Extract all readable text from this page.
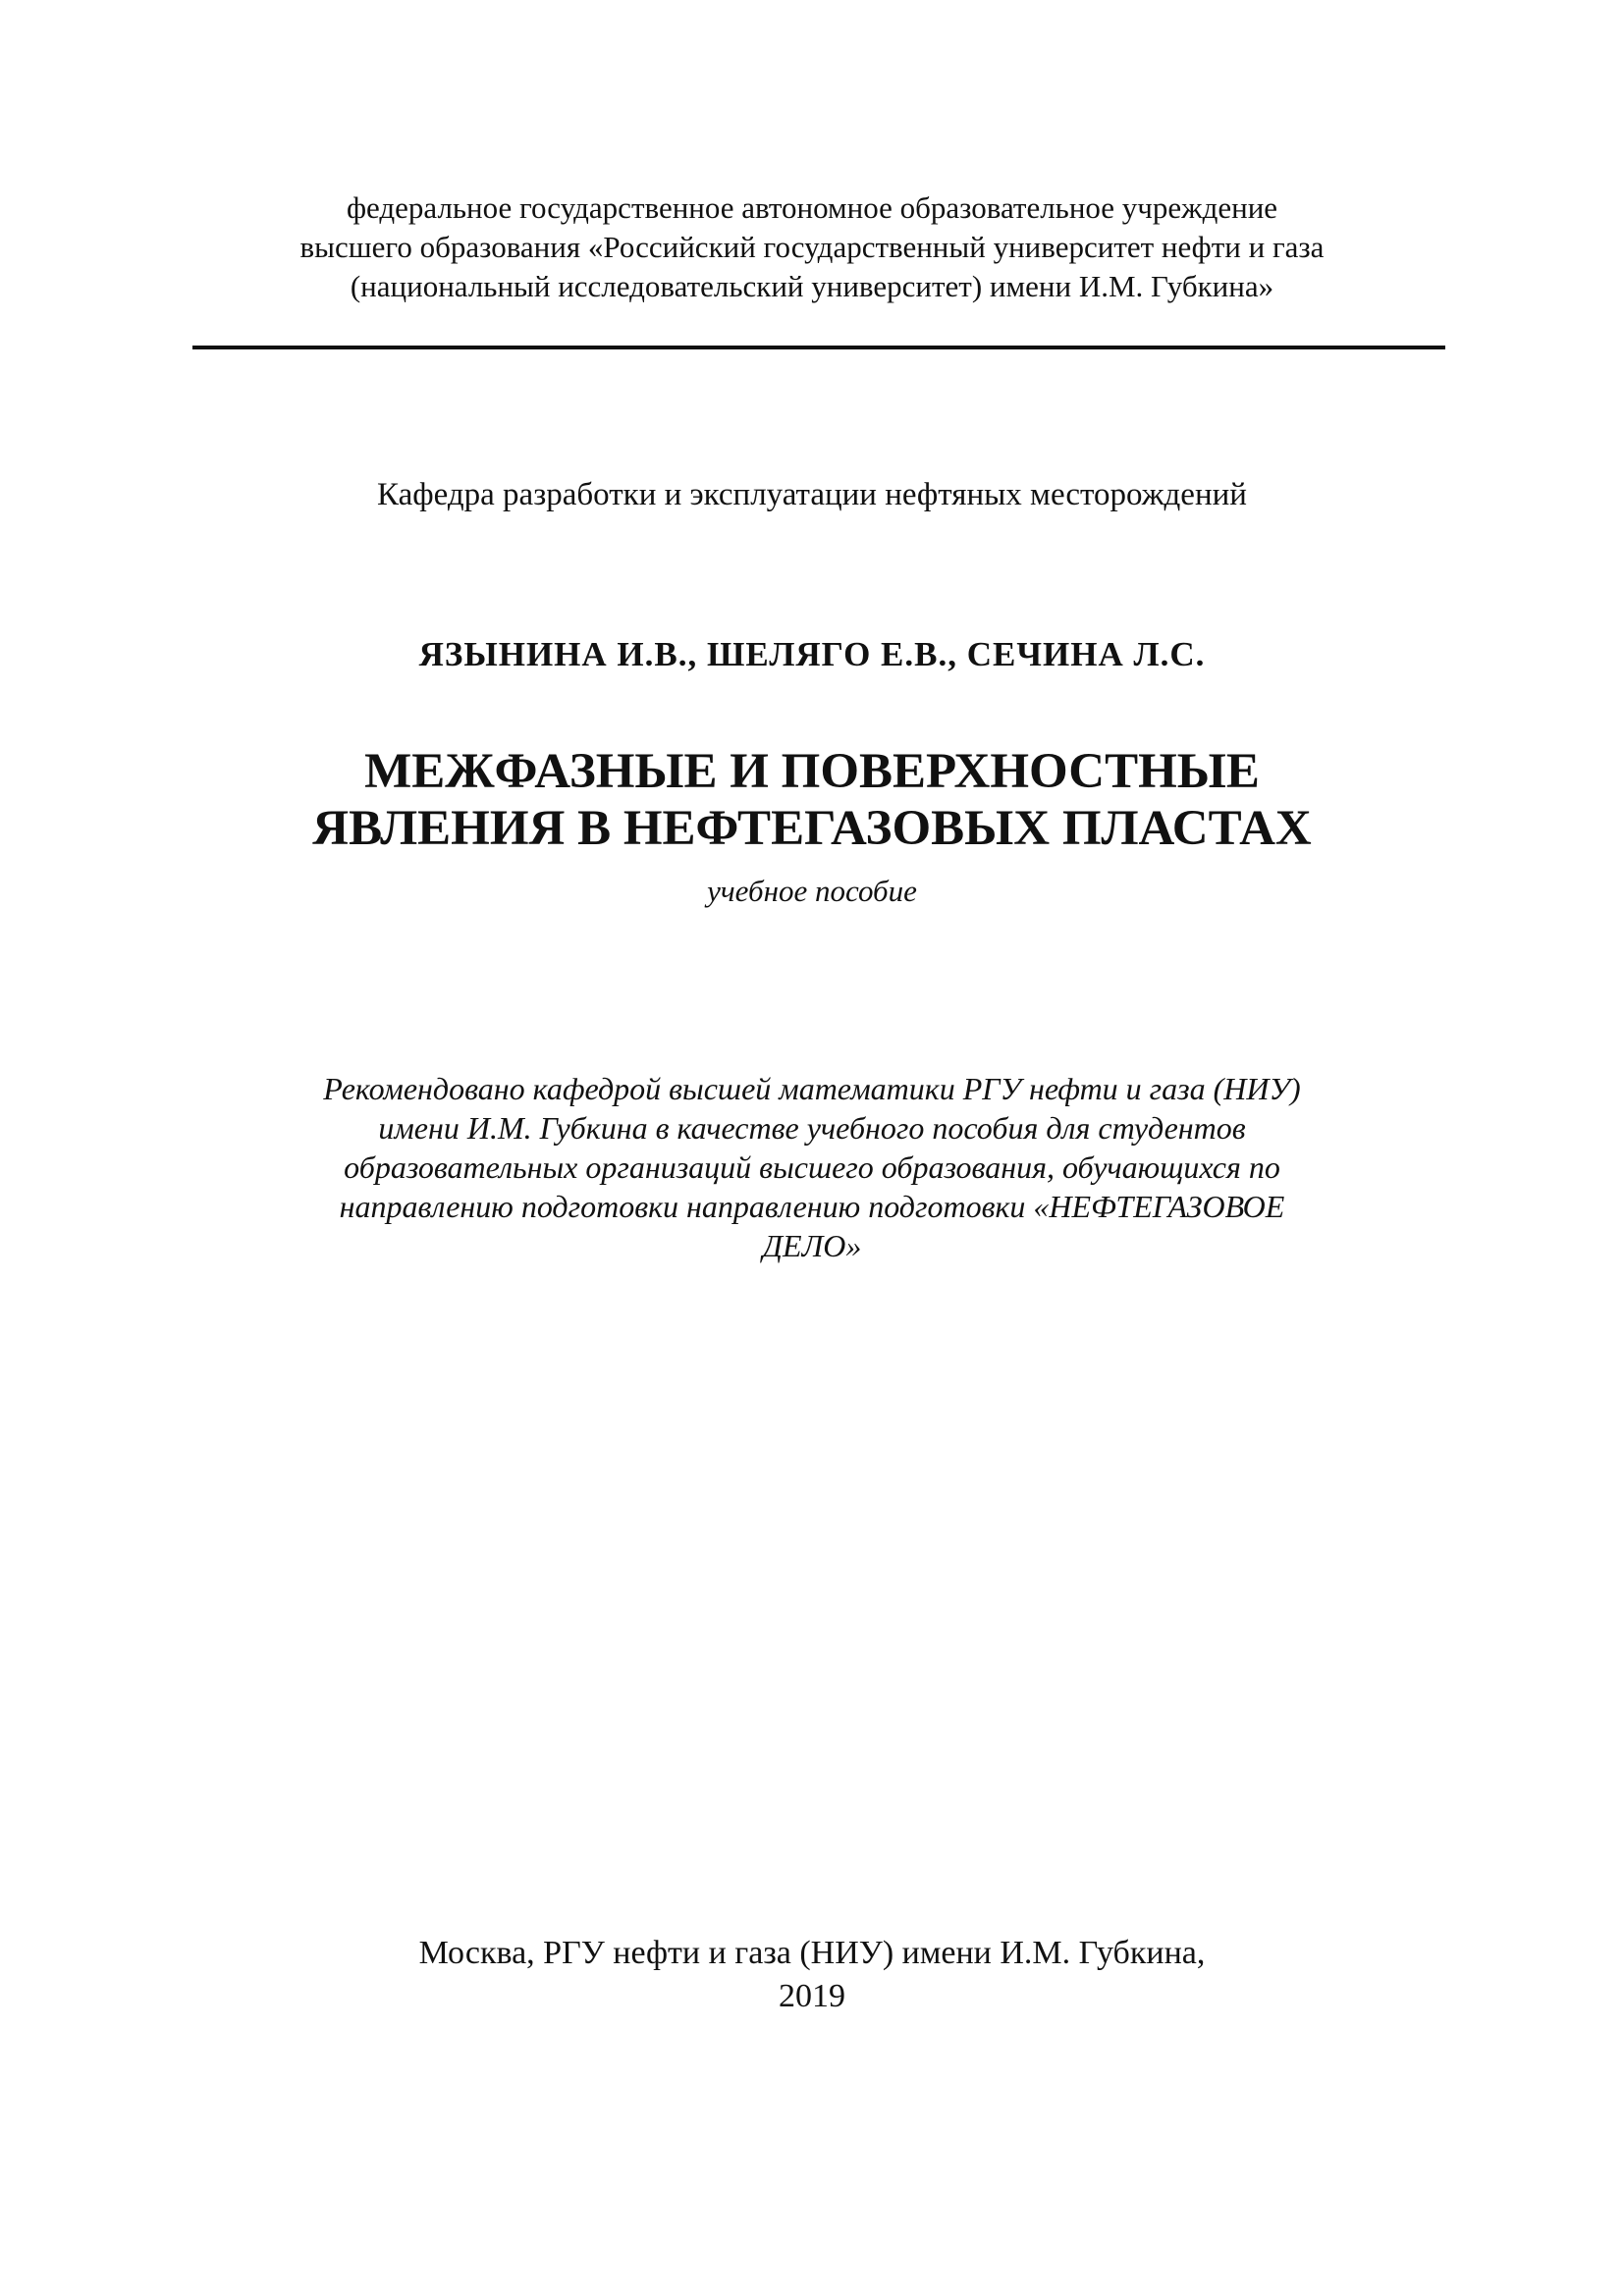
федеральное государственное автономное образовательное учреждение
высшего образования «Российский государственный университет нефти и газа
(национальный исследовательский университет) имени И.М. Губкина»
Кафедра разработки и эксплуатации нефтяных месторождений
ЯЗЫНИНА И.В., ШЕЛЯГО Е.В., СЕЧИНА Л.С.
МЕЖФАЗНЫЕ И ПОВЕРХНОСТНЫЕ
ЯВЛЕНИЯ В НЕФТЕГАЗОВЫХ ПЛАСТАХ
учебное пособие
Рекомендовано кафедрой высшей математики РГУ нефти и газа (НИУ)
имени И.М. Губкина в качестве учебного пособия для студентов
образовательных организаций высшего образования, обучающихся по
направлению подготовки направлению подготовки «НЕФТЕГАЗОВОЕ
ДЕЛО»
Москва, РГУ нефти и газа (НИУ) имени И.М. Губкина,
2019
